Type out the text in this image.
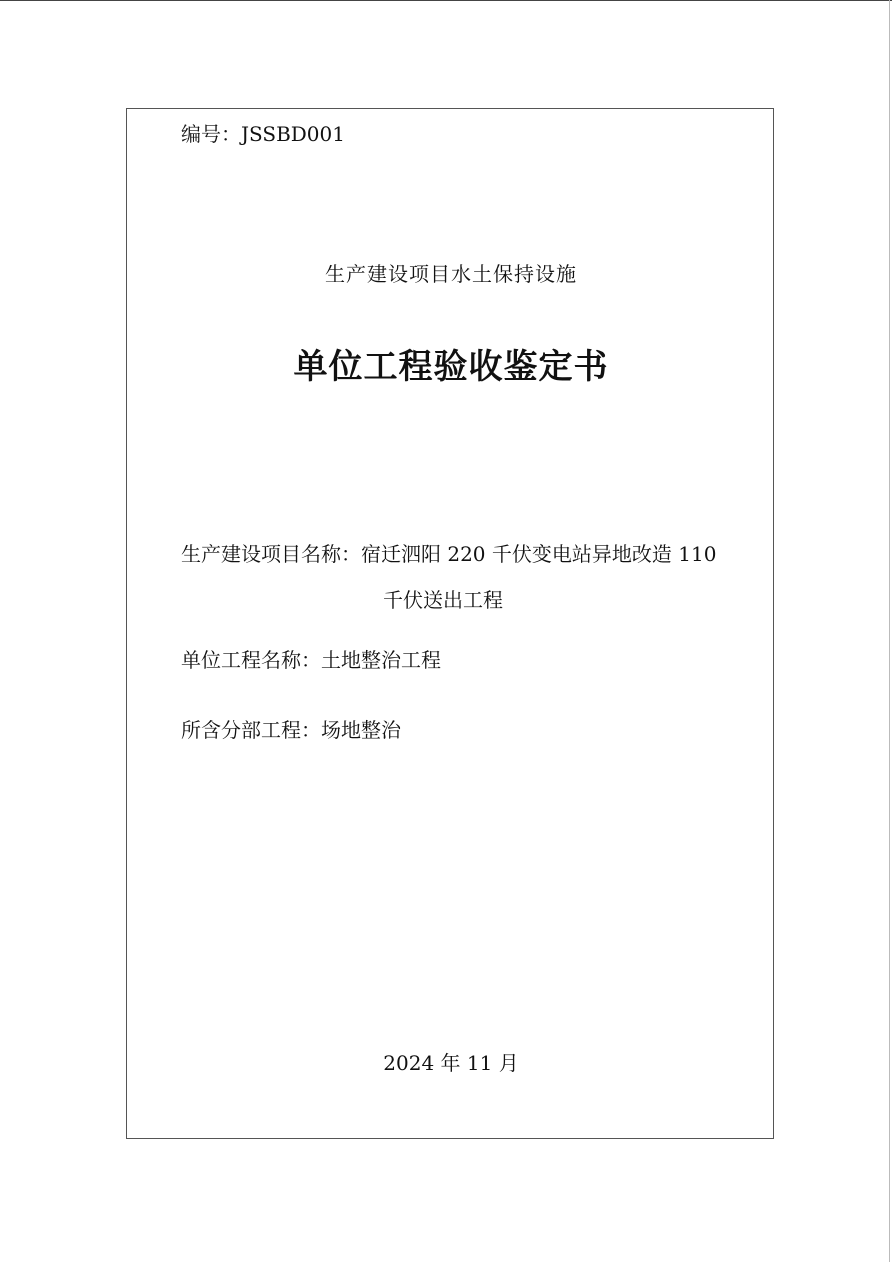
编号：JSSBD001
生产建设项目水土保持设施
单位工程验收鉴定书
生产建设项目名称：宿迁泗阳 220 千伏变电站异地改造 110
千伏送出工程
单位工程名称：土地整治工程
所含分部工程：场地整治
2024 年 11 月
